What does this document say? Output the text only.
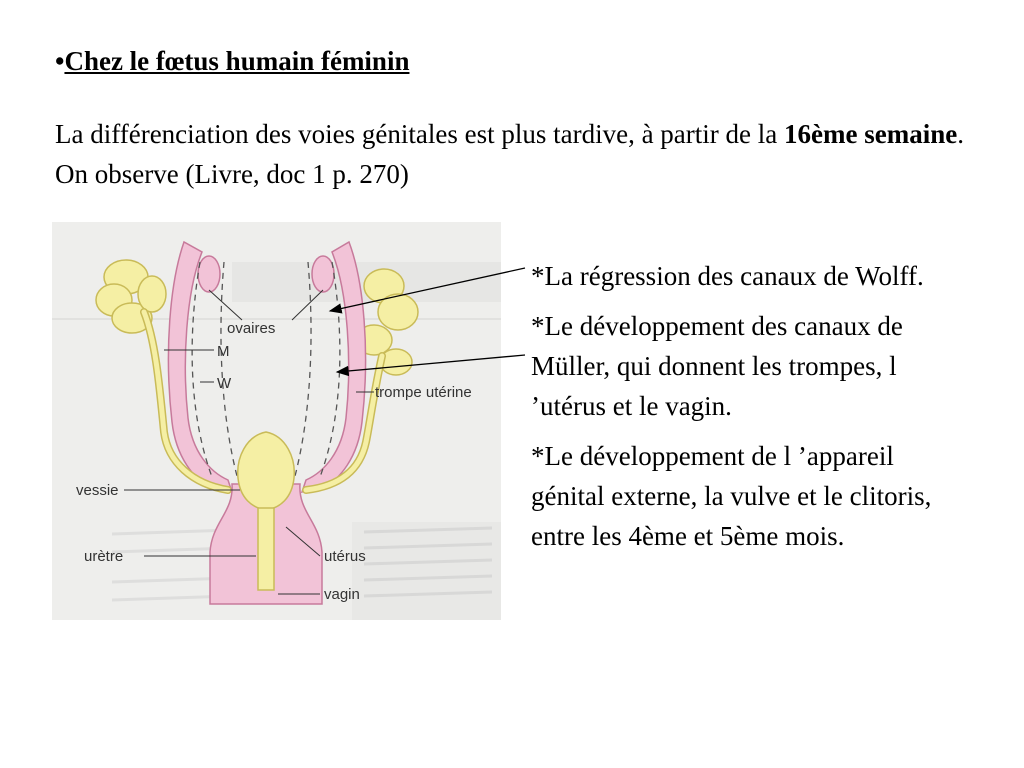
•Chez le fœtus humain féminin
La différenciation des voies génitales est plus tardive, à partir de la 16ème semaine. On observe (Livre, doc 1 p. 270)
ovaires
M
W
trompe utérine
vessie
urètre	utérus
vagin

*La régression des canaux de Wolff.

*Le développement des canaux de Müller, qui donnent les trompes, l ’utérus et le vagin.

*Le développement de l ’appareil génital externe, la vulve et le clitoris, entre les 4ème et 5ème mois.
